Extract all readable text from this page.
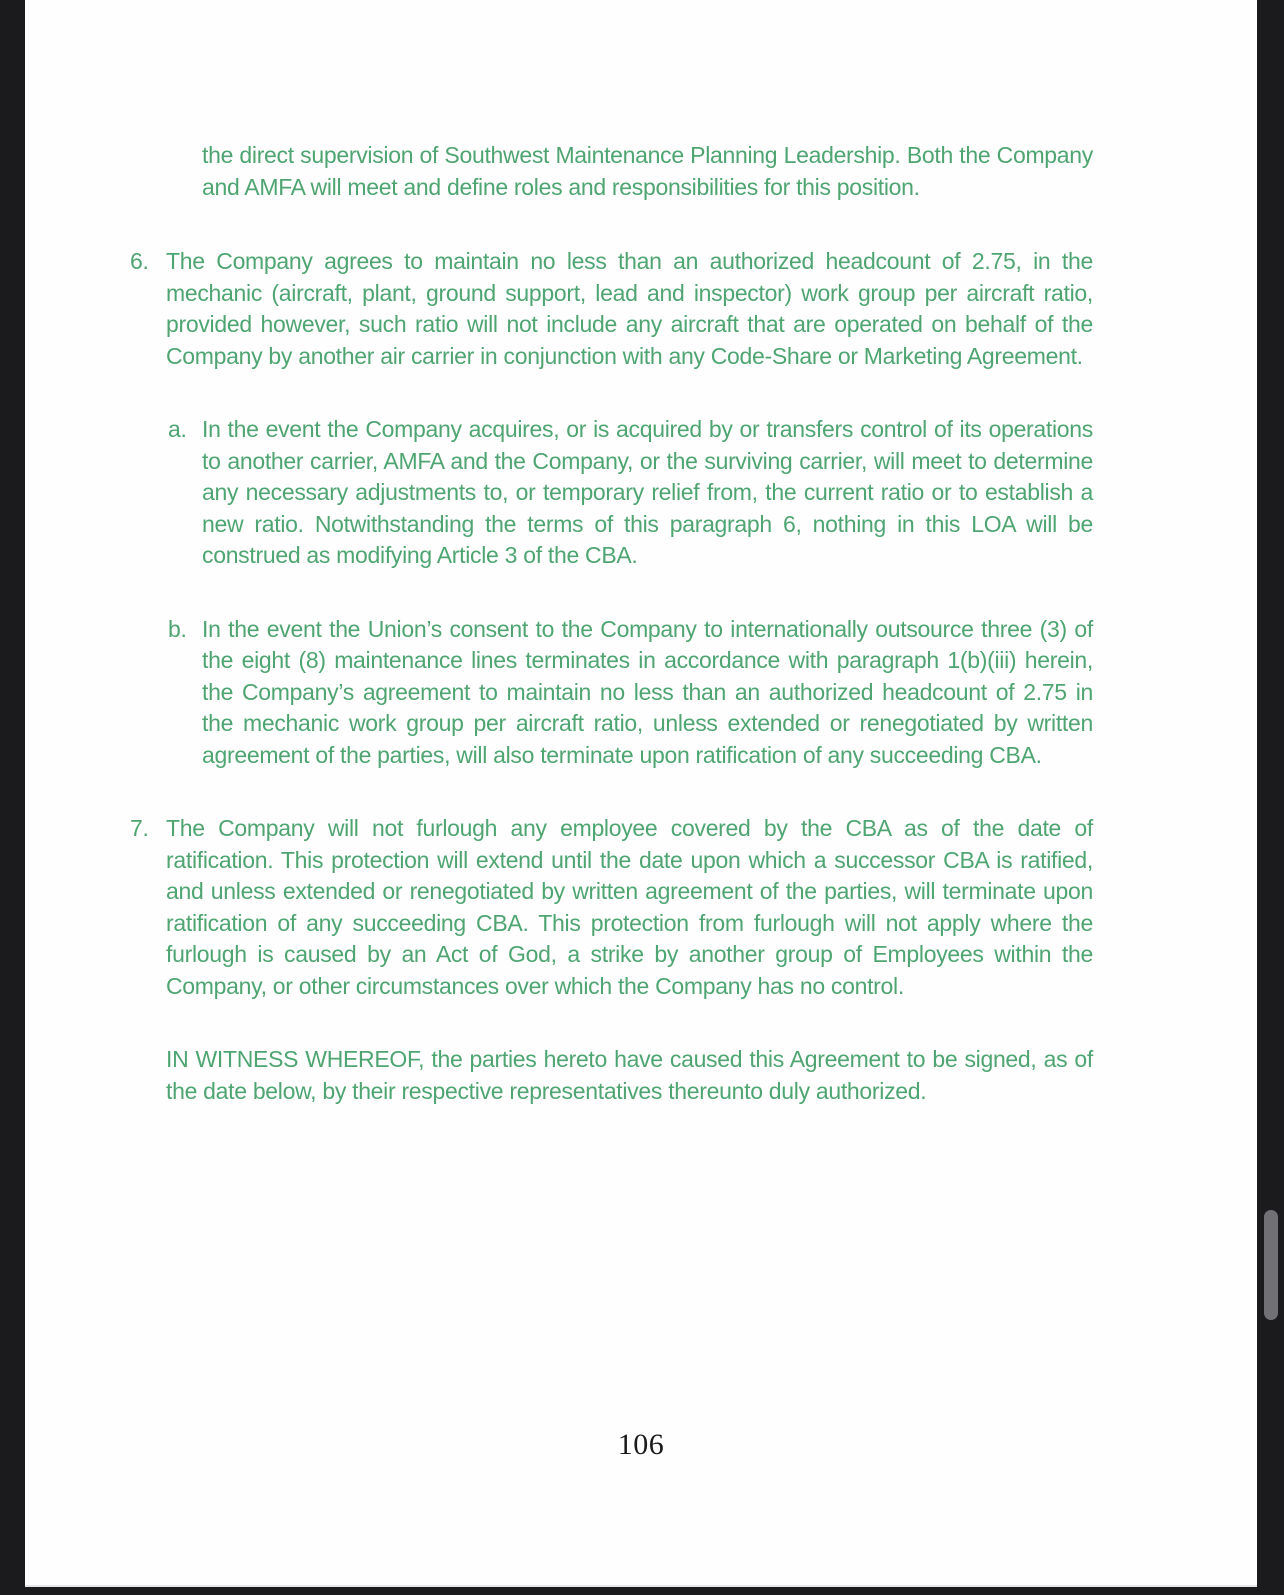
the direct supervision of Southwest Maintenance Planning Leadership. Both the Company and AMFA will meet and define roles and responsibilities for this position.

6. The Company agrees to maintain no less than an authorized headcount of 2.75, in the mechanic (aircraft, plant, ground support, lead and inspector) work group per aircraft ratio, provided however, such ratio will not include any aircraft that are operated on behalf of the Company by another air carrier in conjunction with any Code-Share or Marketing Agreement.
a. In the event the Company acquires, or is acquired by or transfers control of its operations to another carrier, AMFA and the Company, or the surviving carrier, will meet to determine any necessary adjustments to, or temporary relief from, the current ratio or to establish a new ratio. Notwithstanding the terms of this paragraph 6, nothing in this LOA will be construed as modifying Article 3 of the CBA.
b. In the event the Union’s consent to the Company to internationally outsource three (3) of the eight (8) maintenance lines terminates in accordance with paragraph 1(b)(iii) herein, the Company’s agreement to maintain no less than an authorized headcount of 2.75 in the mechanic work group per aircraft ratio, unless extended or renegotiated by written agreement of the parties, will also terminate upon ratification of any succeeding CBA.
7. The Company will not furlough any employee covered by the CBA as of the date of ratification. This protection will extend until the date upon which a successor CBA is ratified, and unless extended or renegotiated by written agreement of the parties, will terminate upon ratification of any succeeding CBA. This protection from furlough will not apply where the furlough is caused by an Act of God, a strike by another group of Employees within the Company, or other circumstances over which the Company has no control.

IN WITNESS WHEREOF, the parties hereto have caused this Agreement to be signed, as of the date below, by their respective representatives thereunto duly authorized.

106
